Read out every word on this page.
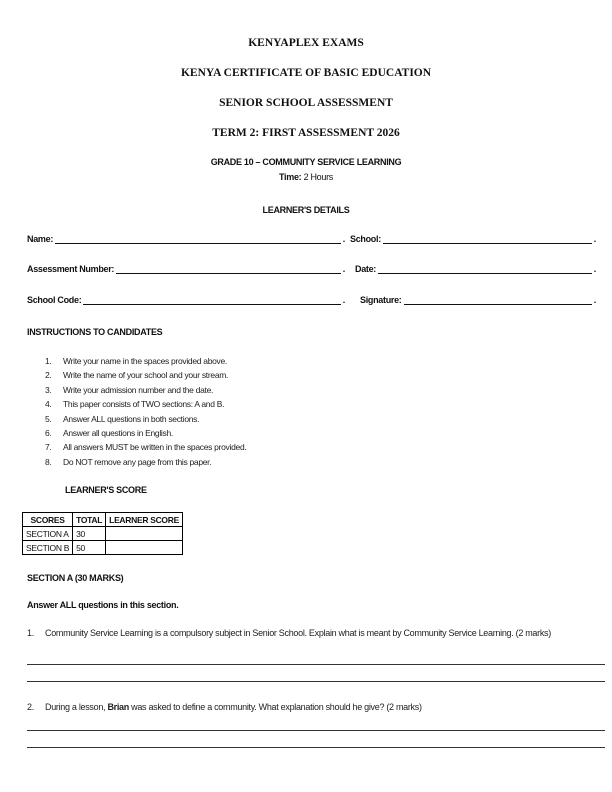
KENYAPLEX EXAMS
KENYA CERTIFICATE OF BASIC EDUCATION
SENIOR SCHOOL ASSESSMENT
TERM 2: FIRST ASSESSMENT 2026
GRADE 10 – COMMUNITY SERVICE LEARNING
Time: 2 Hours
LEARNER'S DETAILS
Name:	. School:	.
Assessment Number:	. Date:	.
School Code:	. Signature:	.
INSTRUCTIONS TO CANDIDATES
1.	Write your name in the spaces provided above.
2.	Write the name of your school and your stream.
3.	Write your admission number and the date.
4.	This paper consists of TWO sections: A and B.
5.	Answer ALL questions in both sections.
6.	Answer all questions in English.
7.	All answers MUST be written in the spaces provided.
8.	Do NOT remove any page from this paper.
LEARNER'S SCORE
SCORES	TOTAL	LEARNER SCORE
SECTION A	30	
SECTION B	50	
SECTION A (30 MARKS)
Answer ALL questions in this section.
1. Community Service Learning is a compulsory subject in Senior School. Explain what is meant by Community Service Learning. (2 marks)
2. During a lesson, Brian was asked to define a community. What explanation should he give? (2 marks)
